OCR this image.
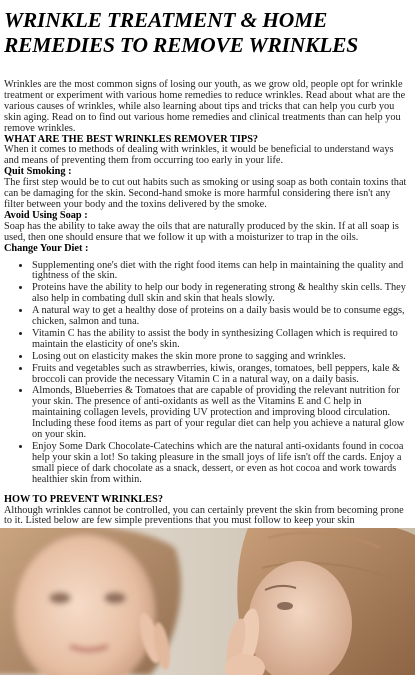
WRINKLE TREATMENT & HOME REMEDIES TO REMOVE WRINKLES

Wrinkles are the most common signs of losing our youth, as we grow old, people opt for wrinkle treatment or experiment with various home remedies to reduce wrinkles. Read about what are the various causes of wrinkles, while also learning about tips and tricks that can help you curb you skin aging. Read on to find out various home remedies and clinical treatments than can help you remove wrinkles.

WHAT ARE THE BEST WRINKLES REMOVER TIPS?

When it comes to methods of dealing with wrinkles, it would be beneficial to understand ways and means of preventing them from occurring too early in your life.

Quit Smoking :

The first step would be to cut out habits such as smoking or using soap as both contain toxins that can be damaging for the skin. Second-hand smoke is more harmful considering there isn't any filter between your body and the toxins delivered by the smoke.

Avoid Using Soap :

Soap has the ability to take away the oils that are naturally produced by the skin. If at all soap is used, then one should ensure that we follow it up with a moisturizer to trap in the oils.

Change Your Diet :

• Supplementing one's diet with the right food items can help in maintaining the quality and tightness of the skin.
• Proteins have the ability to help our body in regenerating strong & healthy skin cells. They also help in combating dull skin and skin that heals slowly.
• A natural way to get a healthy dose of proteins on a daily basis would be to consume eggs, chicken, salmon and tuna.
• Vitamin C has the ability to assist the body in synthesizing Collagen which is required to maintain the elasticity of one's skin.
• Losing out on elasticity makes the skin more prone to sagging and wrinkles.
• Fruits and vegetables such as strawberries, kiwis, oranges, tomatoes, bell peppers, kale & broccoli can provide the necessary Vitamin C in a natural way, on a daily basis.
• Almonds, Blueberries & Tomatoes that are capable of providing the relevant nutrition for your skin. The presence of anti-oxidants as well as the Vitamins E and C help in maintaining collagen levels, providing UV protection and improving blood circulation. Including these food items as part of your regular diet can help you achieve a natural glow on your skin.
• Enjoy Some Dark Chocolate-Catechins which are the natural anti-oxidants found in cocoa help your skin a lot! So taking pleasure in the small joys of life isn't off the cards. Enjoy a small piece of dark chocolate as a snack, dessert, or even as hot cocoa and work towards healthier skin from within.

HOW TO PREVENT WRINKLES?

Although wrinkles cannot be controlled, you can certainly prevent the skin from becoming prone to it. Listed below are few simple preventions that you must follow to keep your skin
